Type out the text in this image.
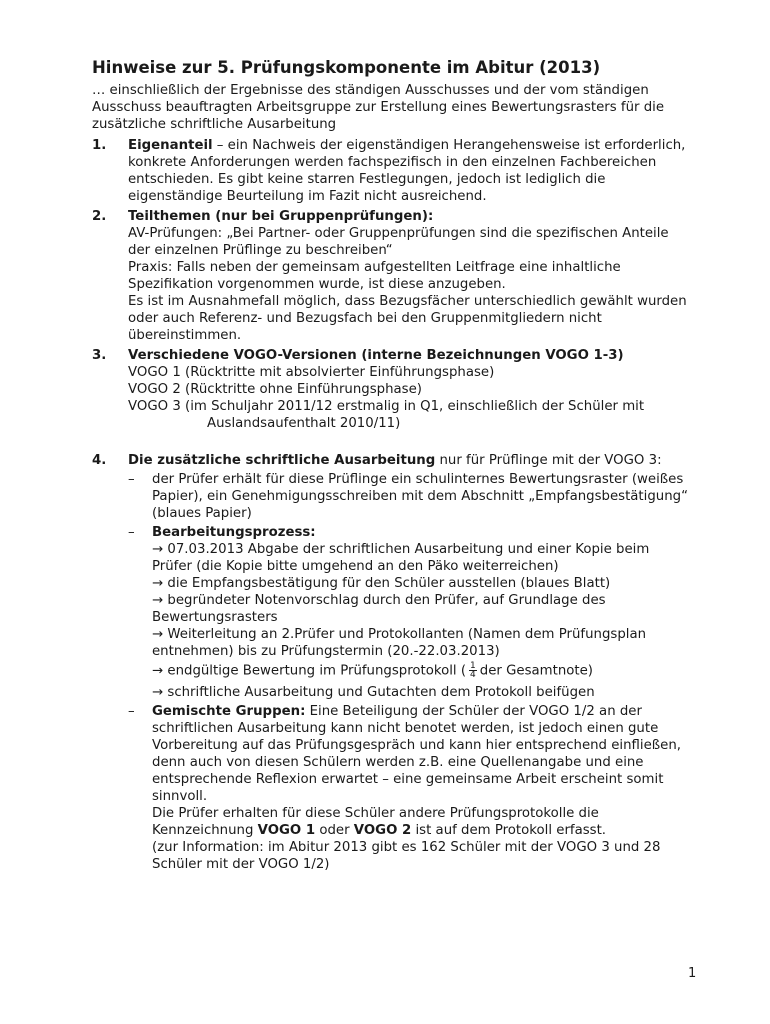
Hinweise zur 5. Prüfungskomponente im Abitur (2013)

… einschließlich der Ergebnisse des ständigen Ausschusses und der vom ständigen Ausschuss beauftragten Arbeitsgruppe zur Erstellung eines Bewertungsrasters für die zusätzliche schriftliche Ausarbeitung

1. Eigenanteil – ein Nachweis der eigenständigen Herangehensweise ist erforderlich, konkrete Anforderungen werden fachspezifisch in den einzelnen Fachbereichen entschieden. Es gibt keine starren Festlegungen, jedoch ist lediglich die eigenständige Beurteilung im Fazit nicht ausreichend.

2. Teilthemen (nur bei Gruppenprüfungen):

AV-Prüfungen: „Bei Partner- oder Gruppenprüfungen sind die spezifischen Anteile der einzelnen Prüflinge zu beschreiben“

Praxis: Falls neben der gemeinsam aufgestellten Leitfrage eine inhaltliche Spezifikation vorgenommen wurde, ist diese anzugeben.

Es ist im Ausnahmefall möglich, dass Bezugsfächer unterschiedlich gewählt wurden oder auch Referenz- und Bezugsfach bei den Gruppenmitgliedern nicht übereinstimmen.

3. Verschiedene VOGO-Versionen (interne Bezeichnungen VOGO 1-3)

VOGO 1 (Rücktritte mit absolvierter Einführungsphase)

VOGO 2 (Rücktritte ohne Einführungsphase)

VOGO 3 (im Schuljahr 2011/12 erstmalig in Q1, einschließlich der Schüler mit

Auslandsaufenthalt 2010/11)

4. Die zusätzliche schriftliche Ausarbeitung nur für Prüflinge mit der VOGO 3:

– der Prüfer erhält für diese Prüflinge ein schulinternes Bewertungsraster (weißes Papier), ein Genehmigungsschreiben mit dem Abschnitt „Empfangsbestätigung“ (blaues Papier)

– Bearbeitungsprozess:

→ 07.03.2013 Abgabe der schriftlichen Ausarbeitung und einer Kopie beim Prüfer (die Kopie bitte umgehend an den Päko weiterreichen)

→ die Empfangsbestätigung für den Schüler ausstellen (blaues Blatt)

→ begründeter Notenvorschlag durch den Prüfer, auf Grundlage des Bewertungsrasters

→ Weiterleitung an 2.Prüfer und Protokollanten (Namen dem Prüfungsplan entnehmen) bis zu Prüfungstermin (20.-22.03.2013)

→ endgültige Bewertung im Prüfungsprotokoll ( $\frac{1}{4}$ der Gesamtnote)

→ schriftliche Ausarbeitung und Gutachten dem Protokoll beifügen

– Gemischte Gruppen: Eine Beteiligung der Schüler der VOGO 1/2 an der schriftlichen Ausarbeitung kann nicht benotet werden, ist jedoch einen gute Vorbereitung auf das Prüfungsgespräch und kann hier entsprechend einfließen, denn auch von diesen Schülern werden z.B. eine Quellenangabe und eine entsprechende Reflexion erwartet – eine gemeinsame Arbeit erscheint somit sinnvoll.

Die Prüfer erhalten für diese Schüler andere Prüfungsprotokolle die Kennzeichnung VOGO 1 oder VOGO 2 ist auf dem Protokoll erfasst.

(zur Information: im Abitur 2013 gibt es 162 Schüler mit der VOGO 3 und 28 Schüler mit der VOGO 1/2)

1
